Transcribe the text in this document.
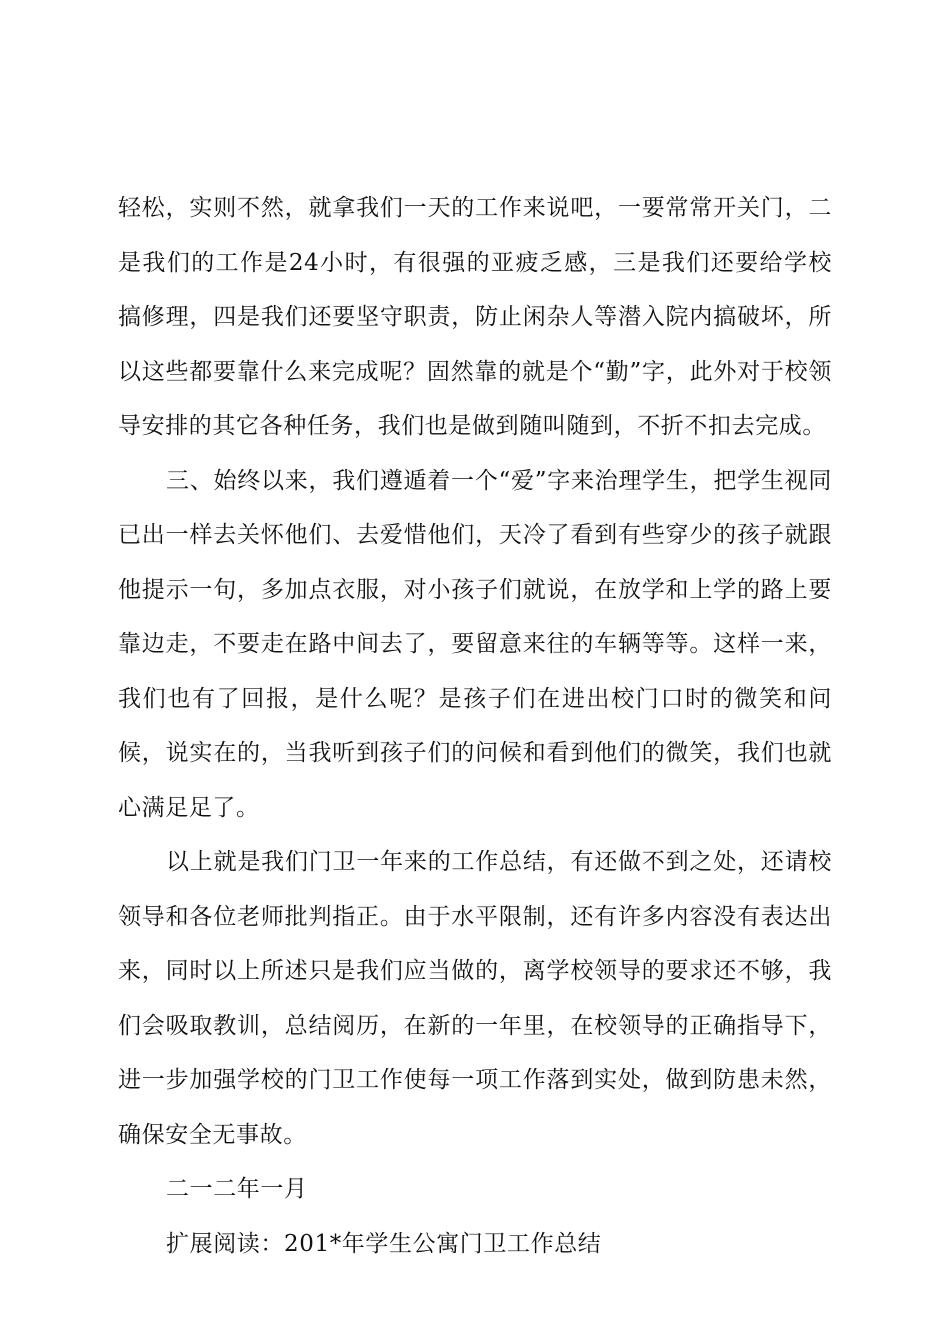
轻松，实则不然，就拿我们一天的工作来说吧，一要常常开关门，二是我们的工作是24小时，有很强的亚疲乏感，三是我们还要给学校搞修理，四是我们还要坚守职责，防止闲杂人等潜入院内搞破坏，所以这些都要靠什么来完成呢？固然靠的就是个“勤”字，此外对于校领导安排的其它各种任务，我们也是做到随叫随到，不折不扣去完成。

三、始终以来，我们遵遁着一个“爱”字来治理学生，把学生视同已出一样去关怀他们、去爱惜他们，天冷了看到有些穿少的孩子就跟他提示一句，多加点衣服，对小孩子们就说，在放学和上学的路上要靠边走，不要走在路中间去了，要留意来往的车辆等等。这样一来，我们也有了回报，是什么呢？是孩子们在进出校门口时的微笑和问候，说实在的，当我听到孩子们的问候和看到他们的微笑，我们也就心满足足了。

以上就是我们门卫一年来的工作总结，有还做不到之处，还请校领导和各位老师批判指正。由于水平限制，还有许多内容没有表达出来，同时以上所述只是我们应当做的，离学校领导的要求还不够，我们会吸取教训，总结阅历，在新的一年里，在校领导的正确指导下，进一步加强学校的门卫工作使每一项工作落到实处，做到防患未然，确保安全无事故。

二一二年一月

扩展阅读：201*年学生公寓门卫工作总结
